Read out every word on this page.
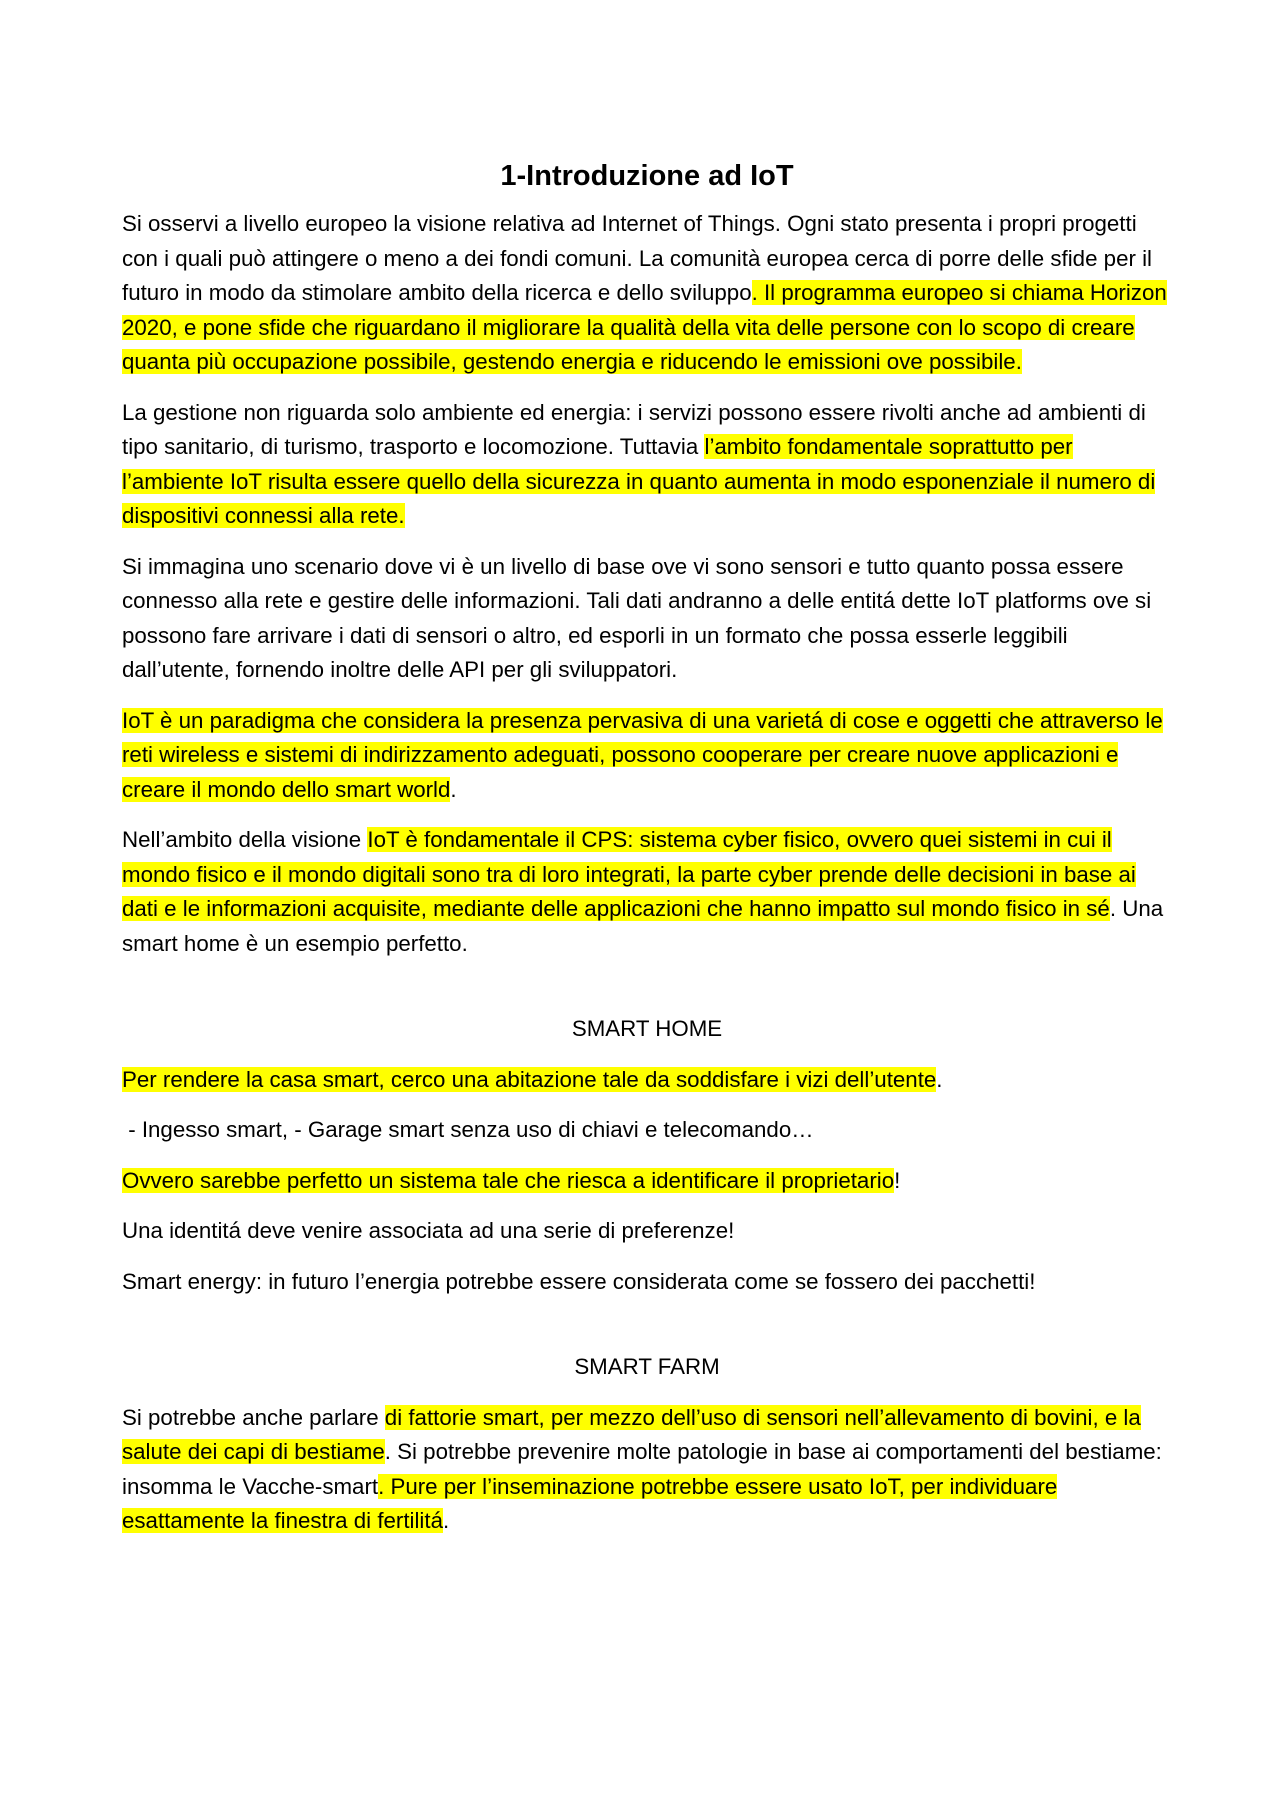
1-Introduzione ad IoT

Si osservi a livello europeo la visione relativa ad Internet of Things. Ogni stato presenta i propri progetti con i quali può attingere o meno a dei fondi comuni. La comunità europea cerca di porre delle sfide per il futuro in modo da stimolare ambito della ricerca e dello sviluppo. Il programma europeo si chiama Horizon 2020, e pone sfide che riguardano il migliorare la qualità della vita delle persone con lo scopo di creare quanta più occupazione possibile, gestendo energia e riducendo le emissioni ove possibile.

La gestione non riguarda solo ambiente ed energia: i servizi possono essere rivolti anche ad ambienti di tipo sanitario, di turismo, trasporto e locomozione. Tuttavia l’ambito fondamentale soprattutto per l’ambiente IoT risulta essere quello della sicurezza in quanto aumenta in modo esponenziale il numero di dispositivi connessi alla rete.

Si immagina uno scenario dove vi è un livello di base ove vi sono sensori e tutto quanto possa essere connesso alla rete e gestire delle informazioni. Tali dati andranno a delle entitá dette IoT platforms ove si possono fare arrivare i dati di sensori o altro, ed esporli in un formato che possa esserle leggibili dall’utente, fornendo inoltre delle API per gli sviluppatori.

IoT è un paradigma che considera la presenza pervasiva di una varietá di cose e oggetti che attraverso le reti wireless e sistemi di indirizzamento adeguati, possono cooperare per creare nuove applicazioni e creare il mondo dello smart world.

Nell’ambito della visione IoT è fondamentale il CPS: sistema cyber fisico, ovvero quei sistemi in cui il mondo fisico e il mondo digitali sono tra di loro integrati, la parte cyber prende delle decisioni in base ai dati e le informazioni acquisite, mediante delle applicazioni che hanno impatto sul mondo fisico in sé. Una smart home è un esempio perfetto.

SMART HOME

Per rendere la casa smart, cerco una abitazione tale da soddisfare i vizi dell’utente.

- Ingesso smart, - Garage smart senza uso di chiavi e telecomando…

Ovvero sarebbe perfetto un sistema tale che riesca a identificare il proprietario!

Una identitá deve venire associata ad una serie di preferenze!

Smart energy: in futuro l’energia potrebbe essere considerata come se fossero dei pacchetti!

SMART FARM

Si potrebbe anche parlare di fattorie smart, per mezzo dell’uso di sensori nell’allevamento di bovini, e la salute dei capi di bestiame. Si potrebbe prevenire molte patologie in base ai comportamenti del bestiame: insomma le Vacche-smart. Pure per l’inseminazione potrebbe essere usato IoT, per individuare esattamente la finestra di fertilitá.
